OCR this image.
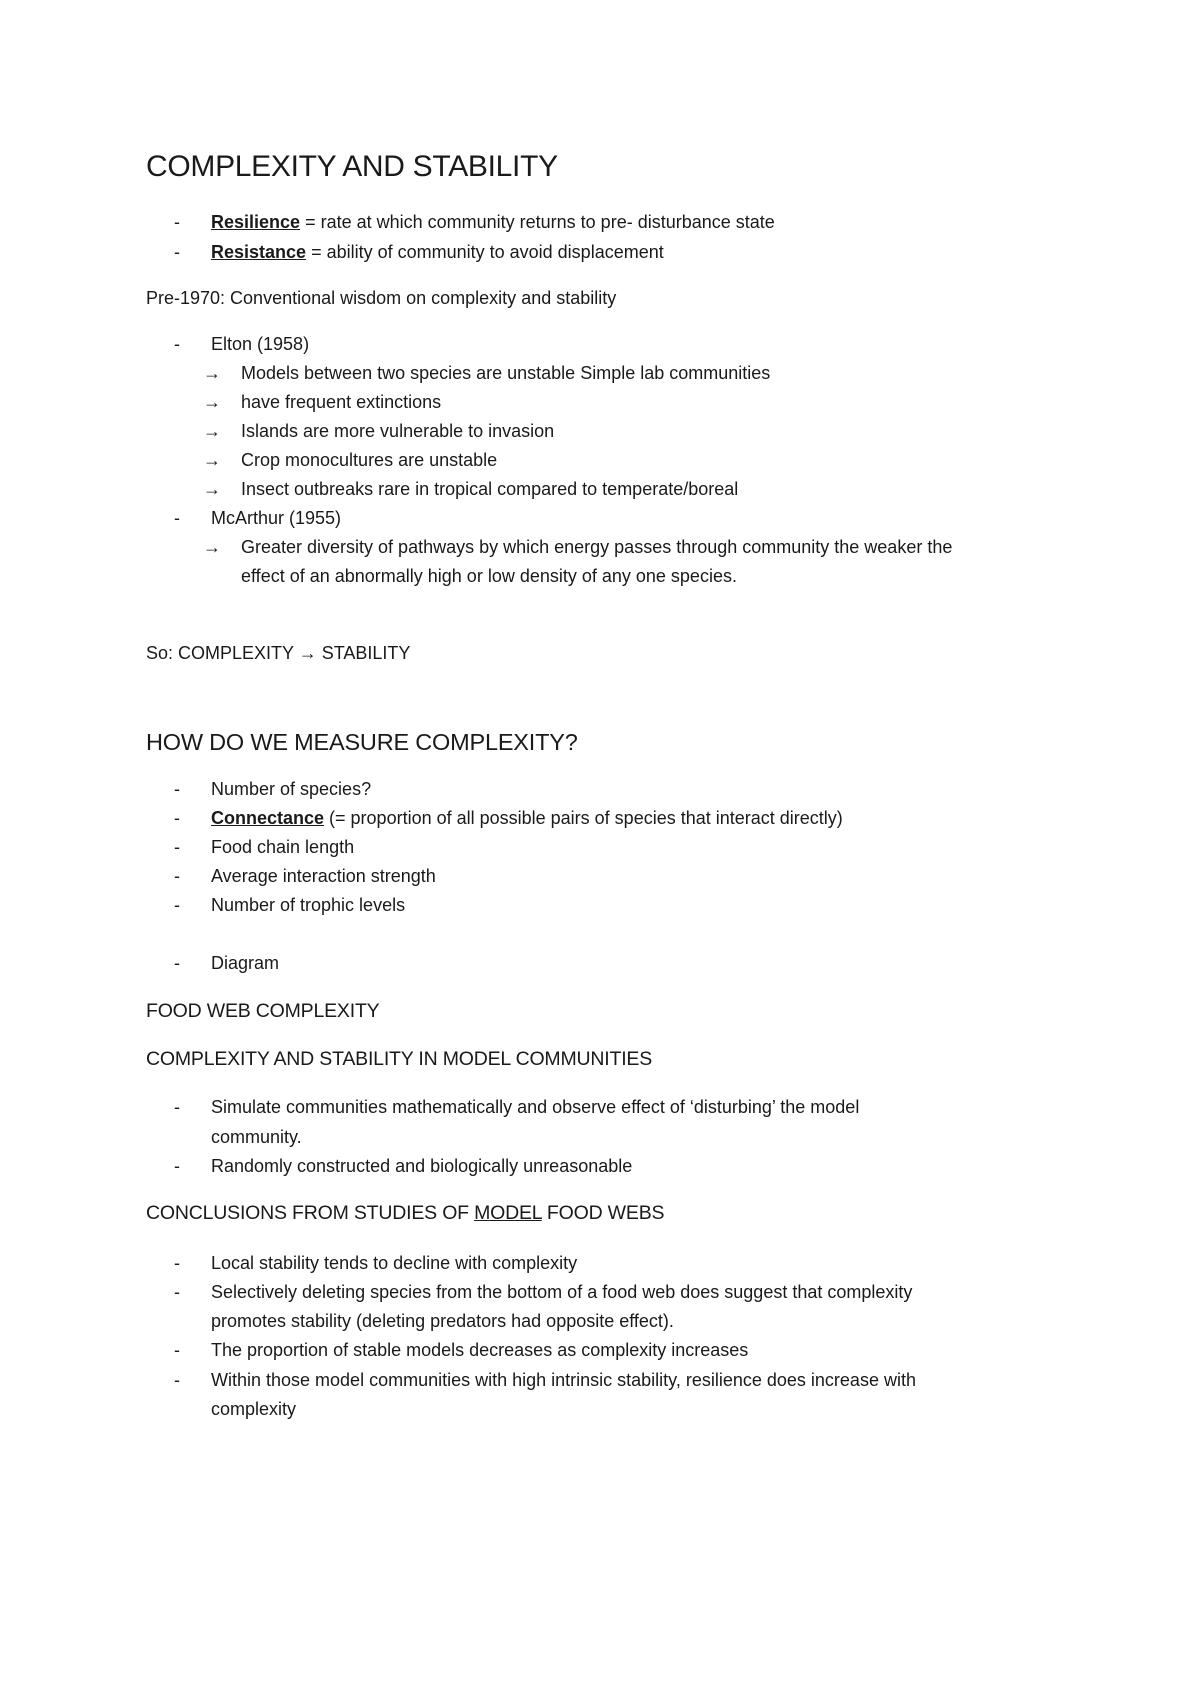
COMPLEXITY AND STABILITY
- Resilience = rate at which community returns to pre- disturbance state
- Resistance = ability of community to avoid displacement
Pre-1970: Conventional wisdom on complexity and stability
- Elton (1958)
→ Models between two species are unstable Simple lab communities
→ have frequent extinctions
→ Islands are more vulnerable to invasion
→ Crop monocultures are unstable
→ Insect outbreaks rare in tropical compared to temperate/boreal
- McArthur (1955)
→ Greater diversity of pathways by which energy passes through community the weaker the
effect of an abnormally high or low density of any one species.
So: COMPLEXITY → STABILITY
HOW DO WE MEASURE COMPLEXITY?
- Number of species?
- Connectance (= proportion of all possible pairs of species that interact directly)
- Food chain length
- Average interaction strength
- Number of trophic levels
- Diagram
FOOD WEB COMPLEXITY
COMPLEXITY AND STABILITY IN MODEL COMMUNITIES
- Simulate communities mathematically and observe effect of ‘disturbing’ the model
community.
- Randomly constructed and biologically unreasonable
CONCLUSIONS FROM STUDIES OF MODEL FOOD WEBS
- Local stability tends to decline with complexity
- Selectively deleting species from the bottom of a food web does suggest that complexity
promotes stability (deleting predators had opposite effect).
- The proportion of stable models decreases as complexity increases
- Within those model communities with high intrinsic stability, resilience does increase with
complexity
